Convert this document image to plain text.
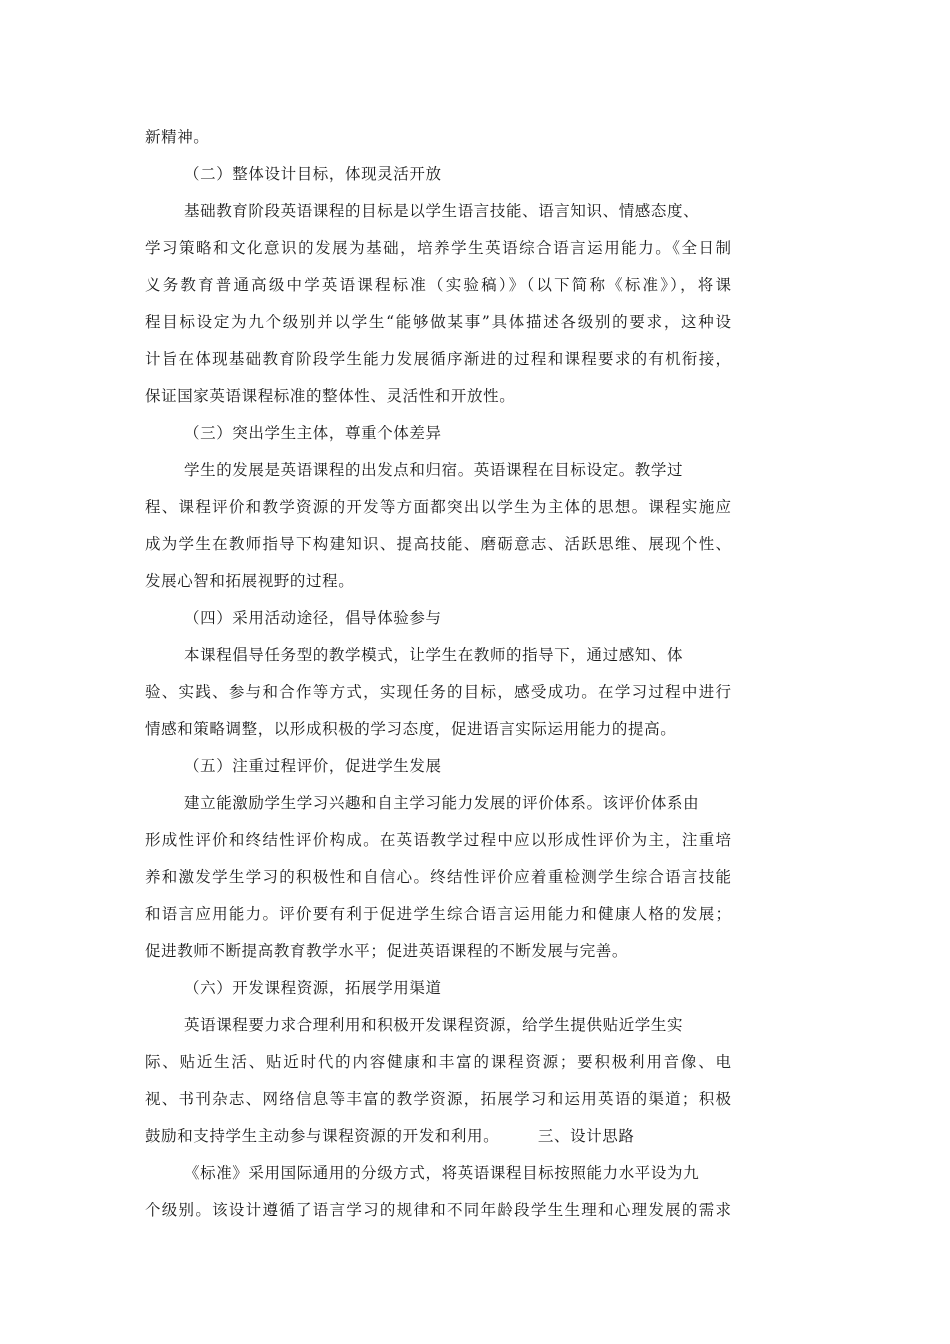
新精神。
（二）整体设计目标，体现灵活开放
基础教育阶段英语课程的目标是以学生语言技能、语言知识、情感态度、
学习策略和文化意识的发展为基础，培养学生英语综合语言运用能力。《全日制
义务教育普通高级中学英语课程标准（实验稿）》（以下简称《标准》），将课
程目标设定为九个级别并以学生“能够做某事”具体描述各级别的要求，这种设
计旨在体现基础教育阶段学生能力发展循序渐进的过程和课程要求的有机衔接，
保证国家英语课程标准的整体性、灵活性和开放性。
（三）突出学生主体，尊重个体差异
学生的发展是英语课程的出发点和归宿。英语课程在目标设定。教学过
程、课程评价和教学资源的开发等方面都突出以学生为主体的思想。课程实施应
成为学生在教师指导下构建知识、提高技能、磨砺意志、活跃思维、展现个性、
发展心智和拓展视野的过程。
（四）采用活动途径，倡导体验参与
本课程倡导任务型的教学模式，让学生在教师的指导下，通过感知、体
验、实践、参与和合作等方式，实现任务的目标，感受成功。在学习过程中进行
情感和策略调整，以形成积极的学习态度，促进语言实际运用能力的提高。
（五）注重过程评价，促进学生发展
建立能激励学生学习兴趣和自主学习能力发展的评价体系。该评价体系由
形成性评价和终结性评价构成。在英语教学过程中应以形成性评价为主，注重培
养和激发学生学习的积极性和自信心。终结性评价应着重检测学生综合语言技能
和语言应用能力。评价要有利于促进学生综合语言运用能力和健康人格的发展；
促进教师不断提高教育教学水平；促进英语课程的不断发展与完善。
（六）开发课程资源，拓展学用渠道
英语课程要力求合理利用和积极开发课程资源，给学生提供贴近学生实
际、贴近生活、贴近时代的内容健康和丰富的课程资源；要积极利用音像、电
视、书刊杂志、网络信息等丰富的教学资源，拓展学习和运用英语的渠道；积极
鼓励和支持学生主动参与课程资源的开发和利用。       三、设计思路
《标准》采用国际通用的分级方式，将英语课程目标按照能力水平设为九
个级别。该设计遵循了语言学习的规律和不同年龄段学生生理和心理发展的需求
